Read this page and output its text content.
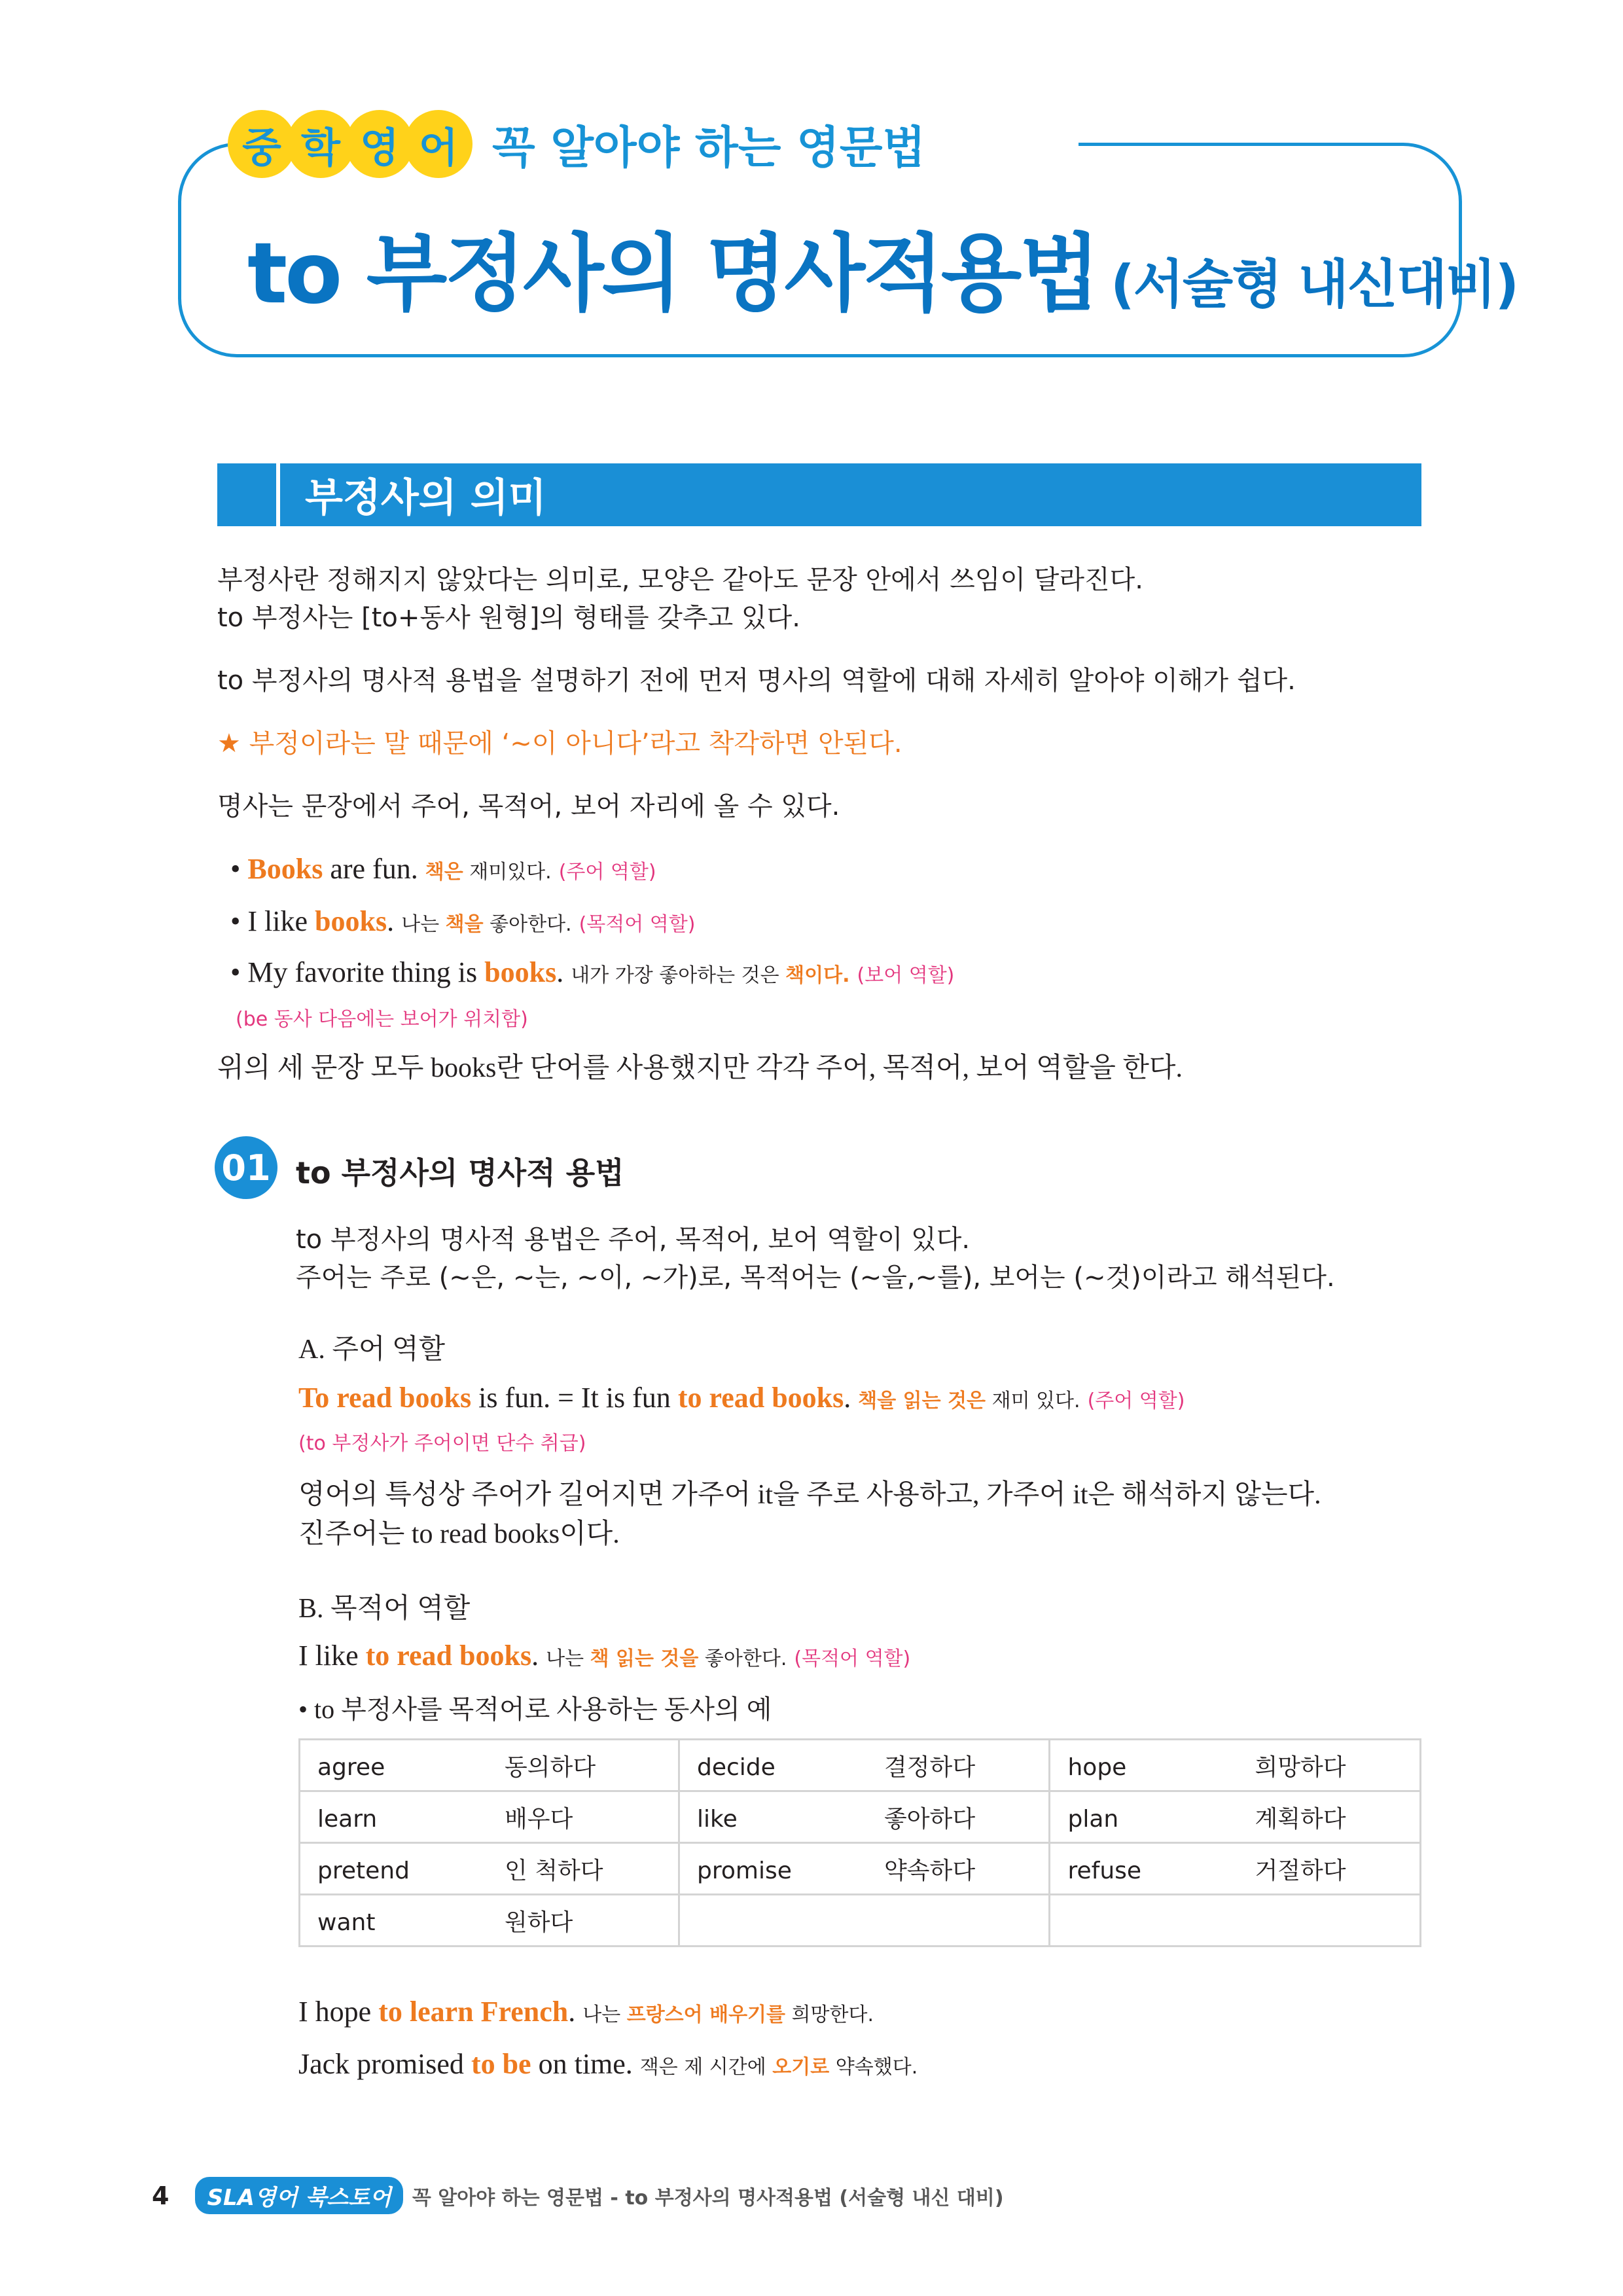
중 학 영 어 꼭 알아야 하는 영문법
to 부정사의 명사적용법 (서술형 내신대비)
부정사의 의미
부정사란 정해지지 않았다는 의미로, 모양은 같아도 문장 안에서 쓰임이 달라진다.
to 부정사는 [to+동사 원형]의 형태를 갖추고 있다.
to 부정사의 명사적 용법을 설명하기 전에 먼저 명사의 역할에 대해 자세히 알아야 이해가 쉽다.
★ 부정이라는 말 때문에 ‘~이 아니다’라고 착각하면 안된다.
명사는 문장에서 주어, 목적어, 보어 자리에 올 수 있다.
• Books are fun. 책은 재미있다. (주어 역할)
• I like books. 나는 책을 좋아한다. (목적어 역할)
• My favorite thing is books. 내가 가장 좋아하는 것은 책이다. (보어 역할)
(be 동사 다음에는 보어가 위치함)
위의 세 문장 모두 books란 단어를 사용했지만 각각 주어, 목적어, 보어 역할을 한다.
01 to 부정사의 명사적 용법
to 부정사의 명사적 용법은 주어, 목적어, 보어 역할이 있다.
주어는 주로 (~은, ~는, ~이, ~가)로, 목적어는 (~을,~를), 보어는 (~것)이라고 해석된다.
A. 주어 역할
To read books is fun. = It is fun to read books. 책을 읽는 것은 재미 있다. (주어 역할)
(to 부정사가 주어이면 단수 취급)
영어의 특성상 주어가 길어지면 가주어 it을 주로 사용하고, 가주어 it은 해석하지 않는다.
진주어는 to read books이다.
B. 목적어 역할
I like to read books. 나는 책 읽는 것을 좋아한다. (목적어 역할)
• to 부정사를 목적어로 사용하는 동사의 예
agree 동의하다	decide 결정하다	hope 희망하다
learn 배우다	like 좋아하다	plan 계획하다
pretend 인 척하다	promise 약속하다	refuse 거절하다
want 원하다		
I hope to learn French. 나는 프랑스어 배우기를 희망한다.
Jack promised to be on time. 잭은 제 시간에 오기로 약속했다.
4	SLA영어 북스토어	꼭 알아야 하는 영문법 - to 부정사의 명사적용법 (서술형 내신 대비)
